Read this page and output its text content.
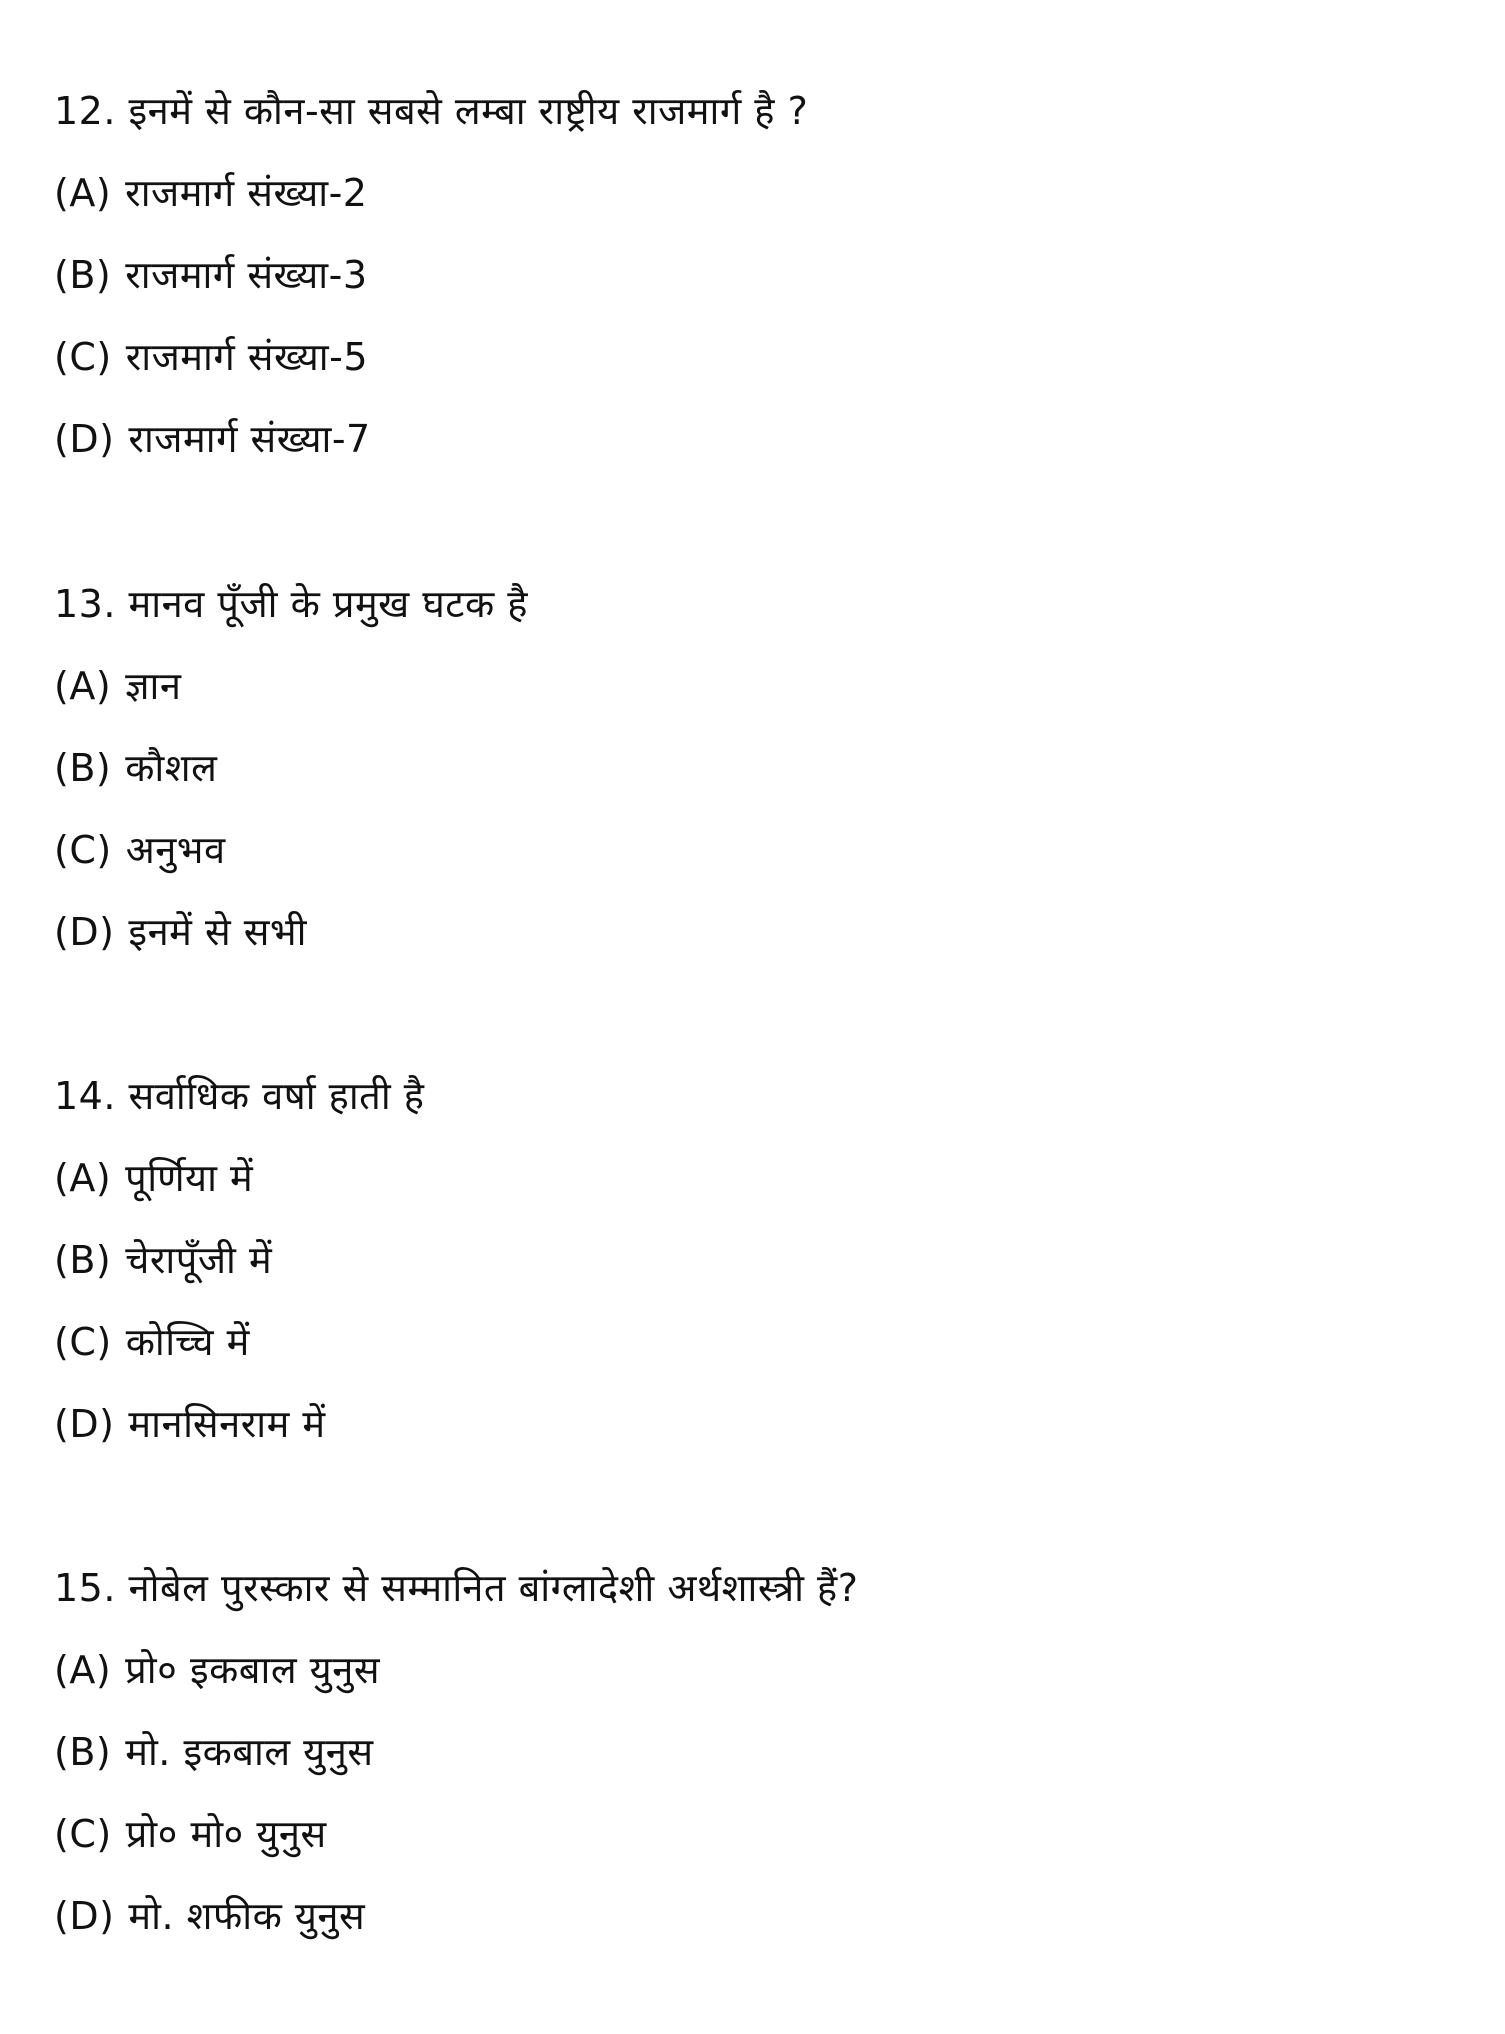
12. इनमें से कौन-सा सबसे लम्बा राष्ट्रीय राजमार्ग है ?
(A) राजमार्ग संख्या-2
(B) राजमार्ग संख्या-3
(C) राजमार्ग संख्या-5
(D) राजमार्ग संख्या-7
13. मानव पूँजी के प्रमुख घटक है
(A) ज्ञान
(B) कौशल
(C) अनुभव
(D) इनमें से सभी
14. सर्वाधिक वर्षा हाती है
(A) पूर्णिया में
(B) चेरापूँजी में
(C) कोच्चि में
(D) मानसिनराम में
15. नोबेल पुरस्कार से सम्मानित बांग्लादेशी अर्थशास्त्री हैं?
(A) प्रो० इकबाल युनुस
(B) मो. इकबाल युनुस
(C) प्रो० मो० युनुस
(D) मो. शफीक युनुस
